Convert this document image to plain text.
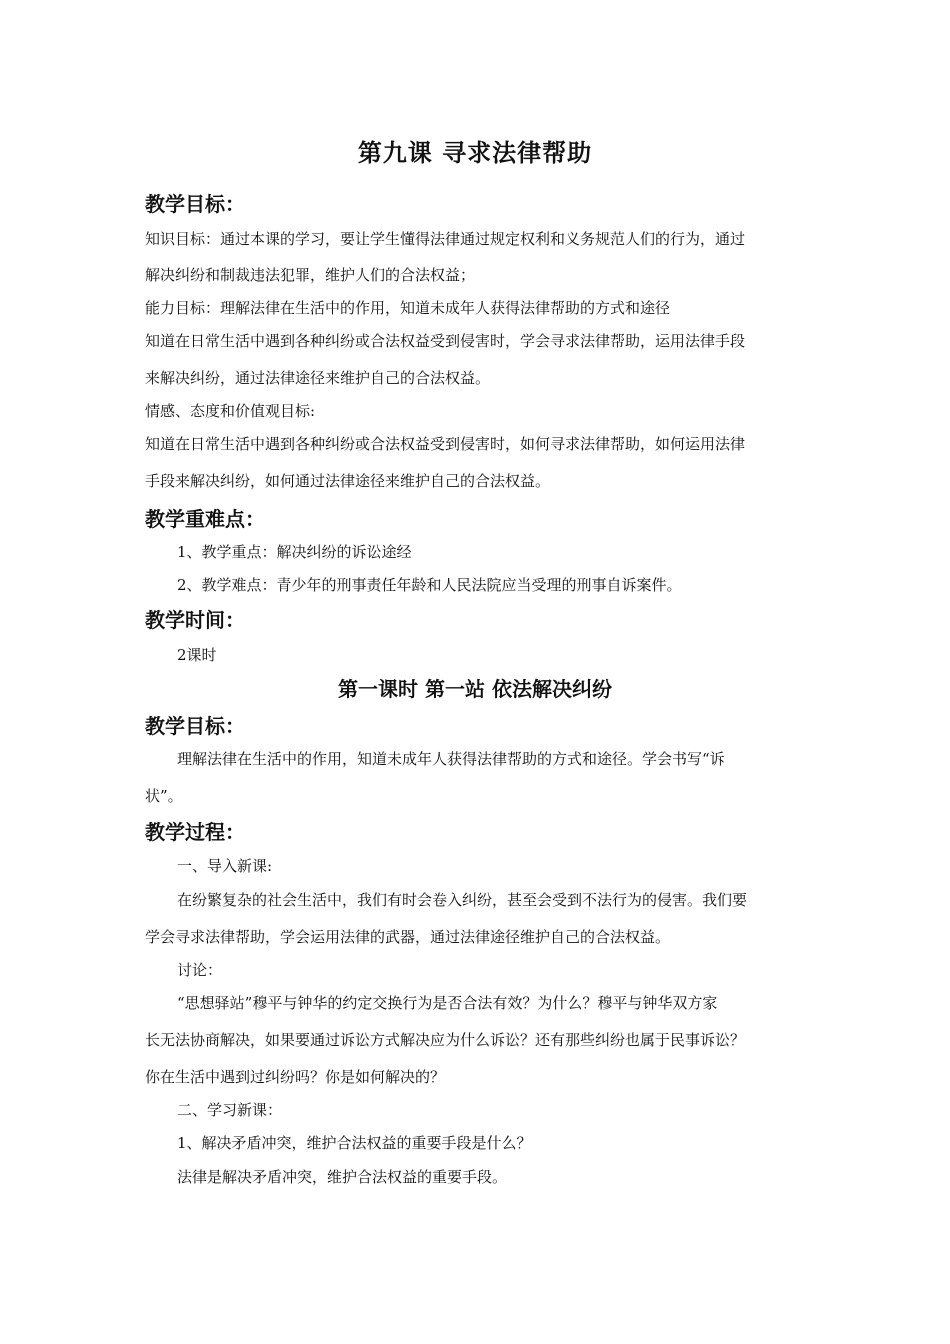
第九课 寻求法律帮助
教学目标：
知识目标：通过本课的学习，要让学生懂得法律通过规定权利和义务规范人们的行为，通过
解决纠纷和制裁违法犯罪，维护人们的合法权益；
能力目标：理解法律在生活中的作用，知道未成年人获得法律帮助的方式和途径
知道在日常生活中遇到各种纠纷或合法权益受到侵害时，学会寻求法律帮助，运用法律手段
来解决纠纷，通过法律途径来维护自己的合法权益。
情感、态度和价值观目标:
知道在日常生活中遇到各种纠纷或合法权益受到侵害时，如何寻求法律帮助，如何运用法律
手段来解决纠纷，如何通过法律途径来维护自己的合法权益。
教学重难点：
1、教学重点：解决纠纷的诉讼途经
2、教学难点：青少年的刑事责任年龄和人民法院应当受理的刑事自诉案件。
教学时间：
2课时
第一课时 第一站 依法解决纠纷
教学目标：
理解法律在生活中的作用，知道未成年人获得法律帮助的方式和途径。学会书写“诉
状”。
教学过程：
一、导入新课:
在纷繁复杂的社会生活中，我们有时会卷入纠纷，甚至会受到不法行为的侵害。我们要
学会寻求法律帮助，学会运用法律的武器，通过法律途径维护自己的合法权益。
讨论：
“思想驿站”穆平与钟华的约定交换行为是否合法有效？为什么？穆平与钟华双方家
长无法协商解决，如果要通过诉讼方式解决应为什么诉讼？还有那些纠纷也属于民事诉讼？
你在生活中遇到过纠纷吗？你是如何解决的？
二、学习新课：
1、解决矛盾冲突，维护合法权益的重要手段是什么？
法律是解决矛盾冲突，维护合法权益的重要手段。
